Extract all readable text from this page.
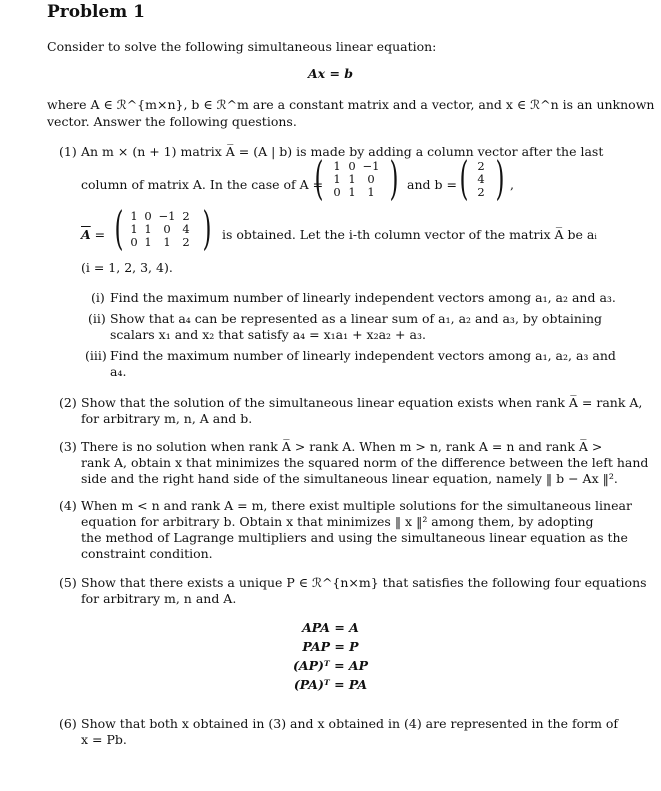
Problem 1
Consider to solve the following simultaneous linear equation:
Ax = b
where A ∈ ℛ^{m×n}, b ∈ ℛ^m are a constant matrix and a vector, and x ∈ ℛ^n is an unknown
vector. Answer the following questions.
(1) An m × (n + 1) matrix A̅ = (A | b) is made by adding a column vector after the last
column of matrix A. In the case of A =
( 1 0 −1
1 1 0
0 1 1 ) and b = ( 2
4
2 ) ,
$\overline{A}$ = ( 1 0 −1 2
1 1 0 4
0 1 1 2 ) is obtained. Let the i-th column vector of the matrix A̅ be aᵢ
(i = 1, 2, 3, 4).
(i) Find the maximum number of linearly independent vectors among a₁, a₂ and a₃.
(ii) Show that a₄ can be represented as a linear sum of a₁, a₂ and a₃, by obtaining
scalars x₁ and x₂ that satisfy a₄ = x₁a₁ + x₂a₂ + a₃.
(iii) Find the maximum number of linearly independent vectors among a₁, a₂, a₃ and
a₄.
(2) Show that the solution of the simultaneous linear equation exists when rank A̅ = rank A,
for arbitrary m, n, A and b.
(3) There is no solution when rank A̅ > rank A. When m > n, rank A = n and rank A̅ >
rank A, obtain x that minimizes the squared norm of the difference between the left hand
side and the right hand side of the simultaneous linear equation, namely ‖ b − Ax ‖².
(4) When m < n and rank A = m, there exist multiple solutions for the simultaneous linear
equation for arbitrary b. Obtain x that minimizes ‖ x ‖² among them, by adopting
the method of Lagrange multipliers and using the simultaneous linear equation as the
constraint condition.
(5) Show that there exists a unique P ∈ ℛ^{n×m} that satisfies the following four equations
for arbitrary m, n and A.
APA = A
PAP = P
(AP)ᵀ = AP
(PA)ᵀ = PA
(6) Show that both x obtained in (3) and x obtained in (4) are represented in the form of
x = Pb.
